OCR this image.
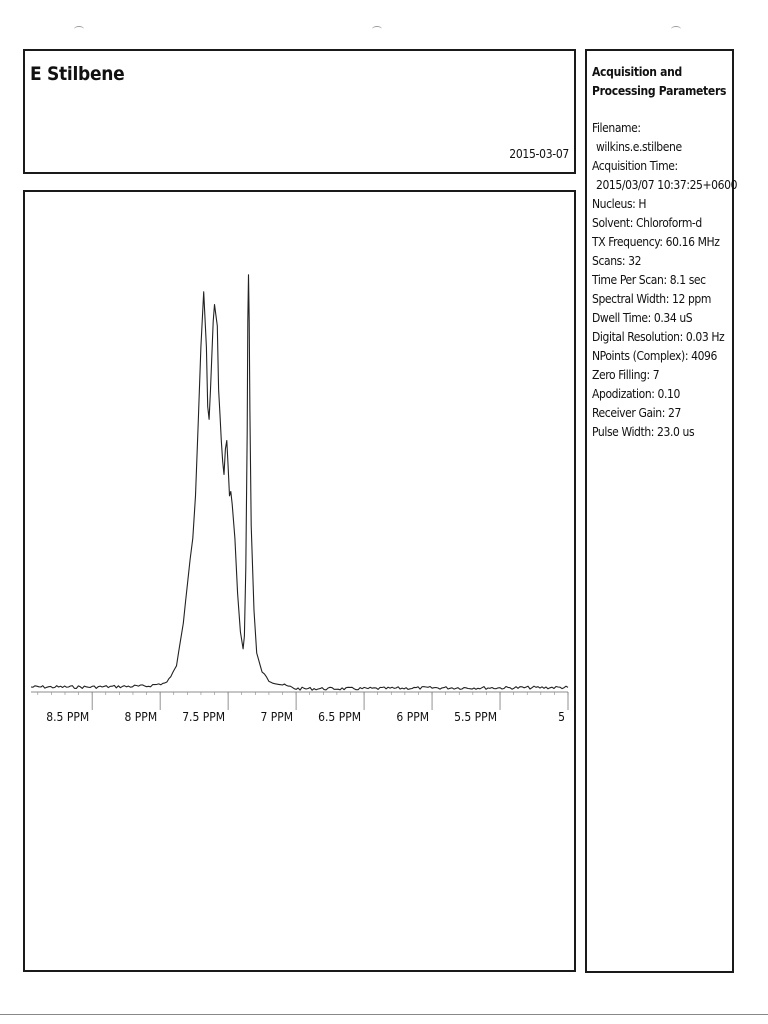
E Stilbene
2015-03-07
8.5 PPM	8 PPM 7.5 PPM	7 PPM 6.5 PPM	6 PPM 5.5 PPM	5
Acquisition and
Processing Parameters
Filename:
wilkins.e.stilbene
Acquisition Time:
2015/03/07 10:37:25+0600
Nucleus: H
Solvent: Chloroform-d
TX Frequency: 60.16 MHz
Scans: 32
Time Per Scan: 8.1 sec
Spectral Width: 12 ppm
Dwell Time: 0.34 uS
Digital Resolution: 0.03 Hz
NPoints (Complex): 4096
Zero Filling: 7
Apodization: 0.10
Receiver Gain: 27
Pulse Width: 23.0 us
